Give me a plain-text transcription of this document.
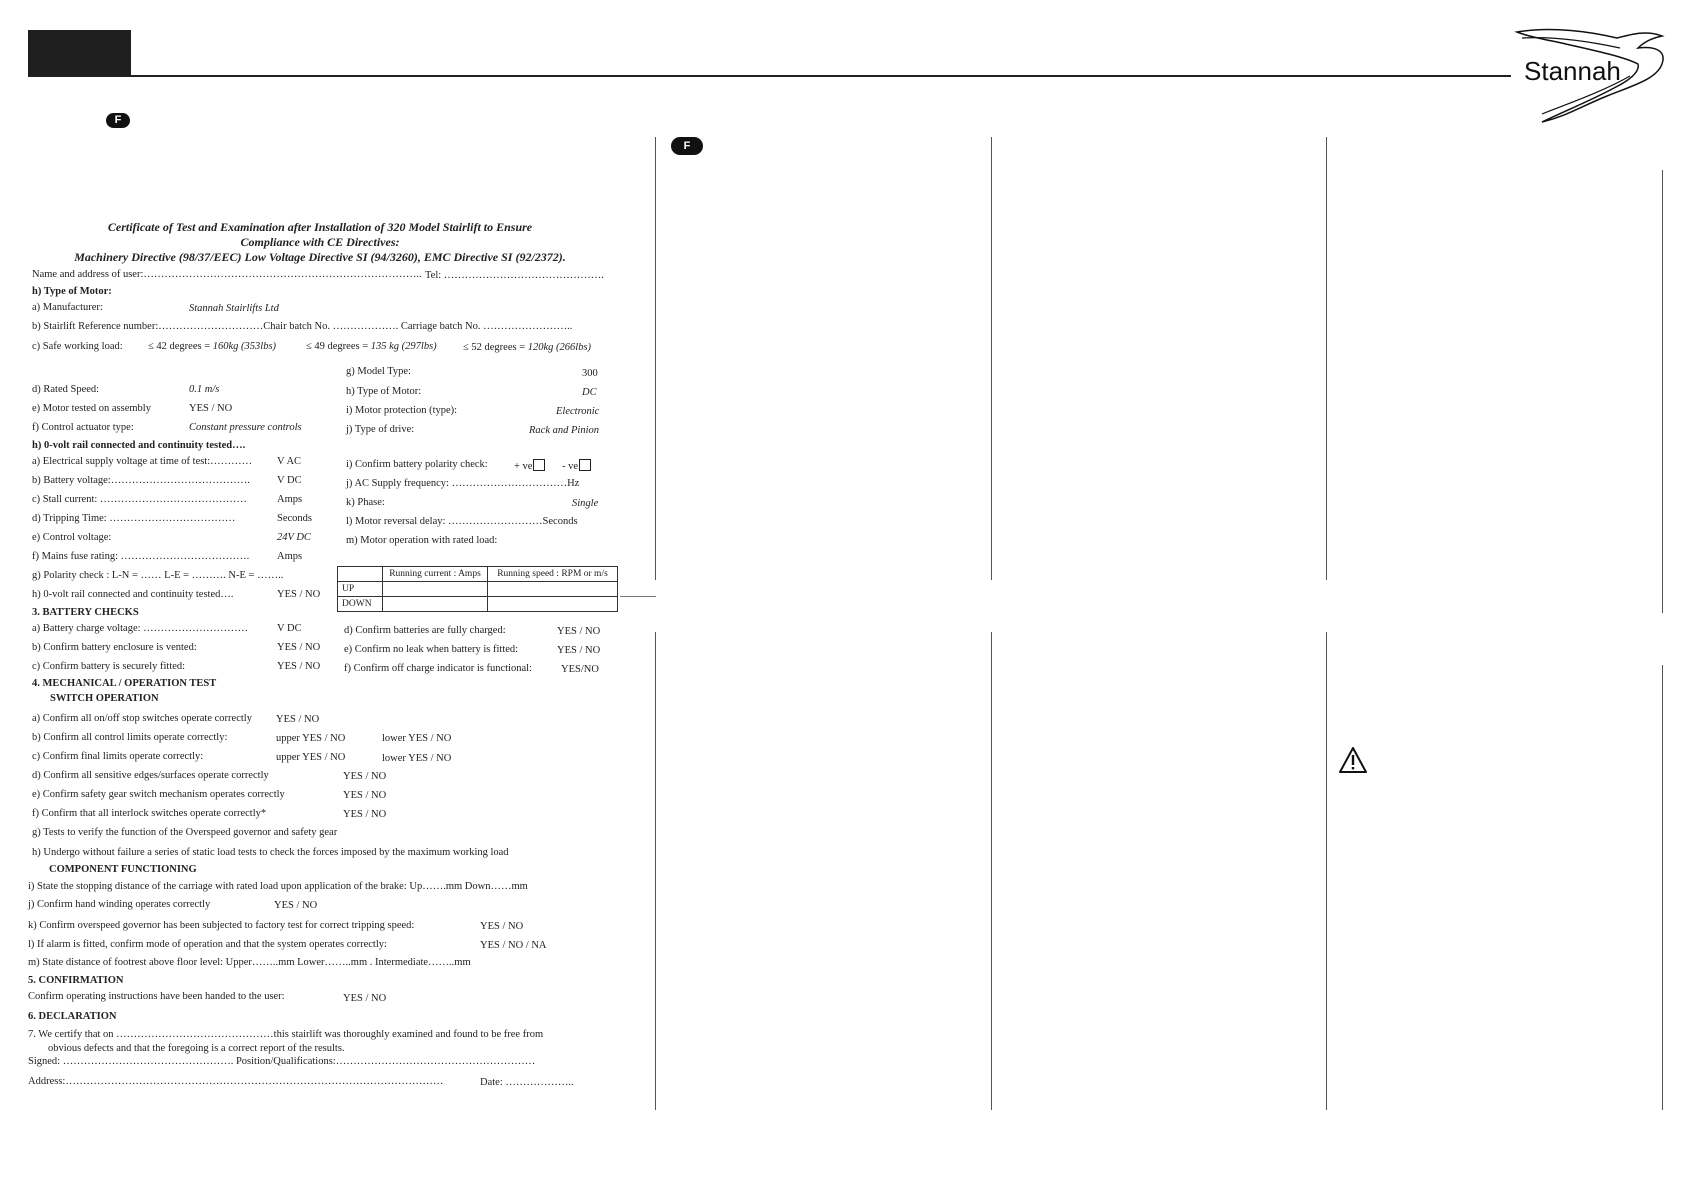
Stannah
F
F
Certificate of Test and Examination after Installation of 320 Model Stairlift to Ensure
Compliance with CE Directives:
Machinery Directive (98/37/EEC) Low Voltage Directive SI (94/3260), EMC Directive SI (92/2372).
Name and address of user:…………………………………………………………………….. Tel: ……………………………………….
h) Type of Motor:
a) Manufacturer:	Stannah Stairlifts Ltd
b) Stairlift Reference number:…………………………Chair batch No. ………………. Carriage batch No. ……………………..
c) Safe working load: ≤ 42 degrees = 160kg (353lbs)	≤ 49 degrees = 135 kg (297lbs)	≤ 52 degrees = 120kg (266lbs)
d) Rated Speed:	0.1 m/s
e) Motor tested on assembly	YES / NO
f) Control actuator type:	Constant pressure controls
g) Model Type:	300
h) Type of Motor:	DC
i) Motor protection (type):	Electronic
j) Type of drive:	Rack and Pinion
h) 0-volt rail connected and continuity tested….
a) Electrical supply voltage at time of test:………… V AC
b) Battery voltage:………………………………….	V DC
c) Stall current: ……………………………………	Amps
d) Tripping Time: ………………………………	Seconds
e) Control voltage:	24V DC
f) Mains fuse rating: ……………………………….	Amps
g) Polarity check : L-N = …… L-E = ………. N-E = ……..
h) 0-volt rail connected and continuity tested….	YES / NO
i) Confirm battery polarity check:	+ ve	- ve
j) AC Supply frequency: ……………………………Hz
k) Phase:	Single
l) Motor reversal delay: ………………………Seconds
m) Motor operation with rated load:
	Running current : Amps	Running speed : RPM or m/s
UP		
DOWN		
3. BATTERY CHECKS
a) Battery charge voltage: …………………………	V DC
b) Confirm battery enclosure is vented:	YES / NO
c) Confirm battery is securely fitted:	YES / NO
d) Confirm batteries are fully charged:	YES / NO
e) Confirm no leak when battery is fitted:	YES / NO
f) Confirm off charge indicator is functional:	YES/NO
4. MECHANICAL / OPERATION TEST
SWITCH OPERATION
a) Confirm all on/off stop switches operate correctly YES / NO
b) Confirm all control limits operate correctly:	upper YES / NO	lower YES / NO
c) Confirm final limits operate correctly:	upper YES / NO	lower YES / NO
d) Confirm all sensitive edges/surfaces operate correctly	YES / NO
e) Confirm safety gear switch mechanism operates correctly	YES / NO
f) Confirm that all interlock switches operate correctly*	YES / NO
g) Tests to verify the function of the Overspeed governor and safety gear
h) Undergo without failure a series of static load tests to check the forces imposed by the maximum working load
COMPONENT FUNCTIONING
i) State the stopping distance of the carriage with rated load upon application of the brake: Up…….mm Down……mm
j) Confirm hand winding operates correctly	YES / NO
k) Confirm overspeed governor has been subjected to factory test for correct tripping speed:	YES / NO
l) If alarm is fitted, confirm mode of operation and that the system operates correctly:	YES / NO / NA
m) State distance of footrest above floor level: Upper……..mm Lower……..mm . Intermediate……..mm
5. CONFIRMATION
Confirm operating instructions have been handed to the user:	YES / NO
6. DECLARATION
7. We certify that on ………………………………………this stairlift was thoroughly examined and found to be free from
obvious defects and that the foregoing is a correct report of the results.
Signed: …………………………………………. Position/Qualifications:…………………………………………………
Address:………………………………………………………………………………………………	Date: ………………..
